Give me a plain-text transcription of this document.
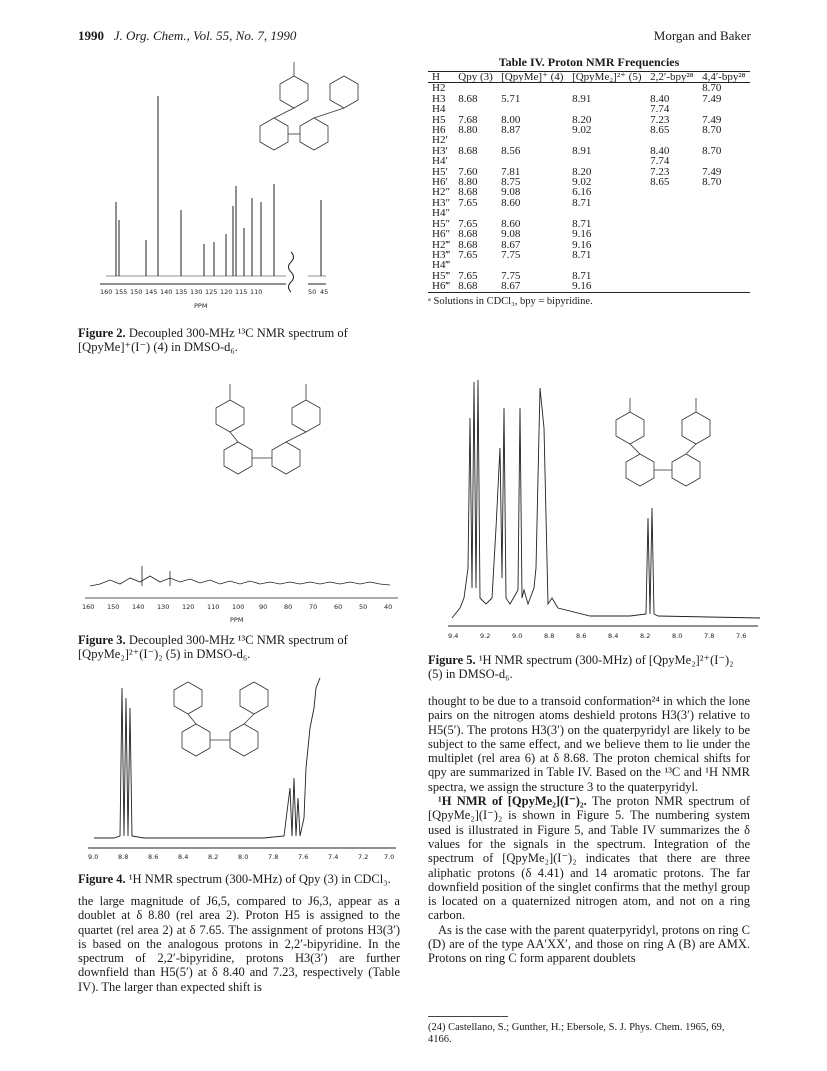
1990 J. Org. Chem., Vol. 55, No. 7, 1990	Morgan and Baker
160 155 150 145 140 135 130 125 120 115 110	50 45
PPM
Figure 2. Decoupled 300-MHz ¹³C NMR spectrum of [QpyMe]⁺(I⁻) (4) in DMSO-d₆.
160 150 140 130 120 110 100 90	80	70	60	50	40
PPM
Figure 3. Decoupled 300-MHz ¹³C NMR spectrum of [QpyMe₂]²⁺(I⁻)₂ (5) in DMSO-d₆.
9.0	8.8	8.6	8.4	8.2	8.0	7.8	7.6	7.4	7.2 7.0
Figure 4. ¹H NMR spectrum (300-MHz) of Qpy (3) in CDCl₃.
the large magnitude of J6,5, compared to J6,3, appear as a doublet at δ 8.80 (rel area 2). Proton H5 is assigned to the quartet (rel area 2) at δ 7.65. The assignment of protons H3(3′) is based on the analogous protons in 2,2′-bipyridine. In the spectrum of 2,2′-bipyridine, protons H3(3′) are further downfield than H5(5′) at δ 8.40 and 7.23, respectively (Table IV). The larger than expected shift is
Table IV. Proton NMR Frequencies
H	Qpy (3)	[QpyMe]⁺ (4)	[QpyMe₂]²⁺ (5)	2,2′-bpy²⁸	4,4′-bpy²⁸
H2					8.70
H3	8.68	5.71	8.91	8.40	7.49
H4				7.74	
H5	7.68	8.00	8.20	7.23	7.49
H6	8.80	8.87	9.02	8.65	8.70
H2′					
H3′	8.68	8.56	8.91	8.40	8.70
H4′				7.74	
H5′	7.60	7.81	8.20	7.23	7.49
H6′	8.80	8.75	9.02	8.65	8.70
H2″	8.68	9.08	6.16		
H3″	7.65	8.60	8.71		
H4″					
H5″	7.65	8.60	8.71		
H6″	8.68	9.08	9.16		
H2‴	8.68	8.67	9.16		
H3‴	7.65	7.75	8.71		
H4‴					
H5‴	7.65	7.75	8.71		
H6‴	8.68	8.67	9.16		
ᵃ Solutions in CDCl₃, bpy = bipyridine.
9.4	9.2	9.0	8.8	8.6	8.4	8.2	8.0	7.8	7.6
Figure 5. ¹H NMR spectrum (300-MHz) of [QpyMe₂]²⁺(I⁻)₂ (5) in DMSO-d₆.
thought to be due to a transoid conformation²⁴ in which the lone pairs on the nitrogen atoms deshield protons H3(3′) relative to H5(5′). The protons H3(3′) on the quaterpyridyl are likely to be subject to the same effect, and we believe them to lie under the multiplet (rel area 6) at δ 8.68. The proton chemical shifts for qpy are summarized in Table IV. Based on the ¹³C and ¹H NMR spectra, we assign the structure 3 to the quaterpyridyl.
¹H NMR of [QpyMe₂](I⁻)₂. The proton NMR spectrum of [QpyMe₂](I⁻)₂ is shown in Figure 5. The numbering system used is illustrated in Figure 5, and Table IV summarizes the δ values for the signals in the spectrum. Integration of the spectrum of [QpyMe₂](I⁻)₂ indicates that there are three aliphatic protons (δ 4.41) and 14 aromatic protons. The far downfield position of the singlet confirms that the methyl group is located on a quaternized nitrogen atom, and not on a ring carbon.
As is the case with the parent quaterpyridyl, protons on ring C (D) are of the type AA′XX′, and those on ring A (B) are AMX. Protons on ring C form apparent doublets
(24) Castellano, S.; Gunther, H.; Ebersole, S. J. Phys. Chem. 1965, 69, 4166.
